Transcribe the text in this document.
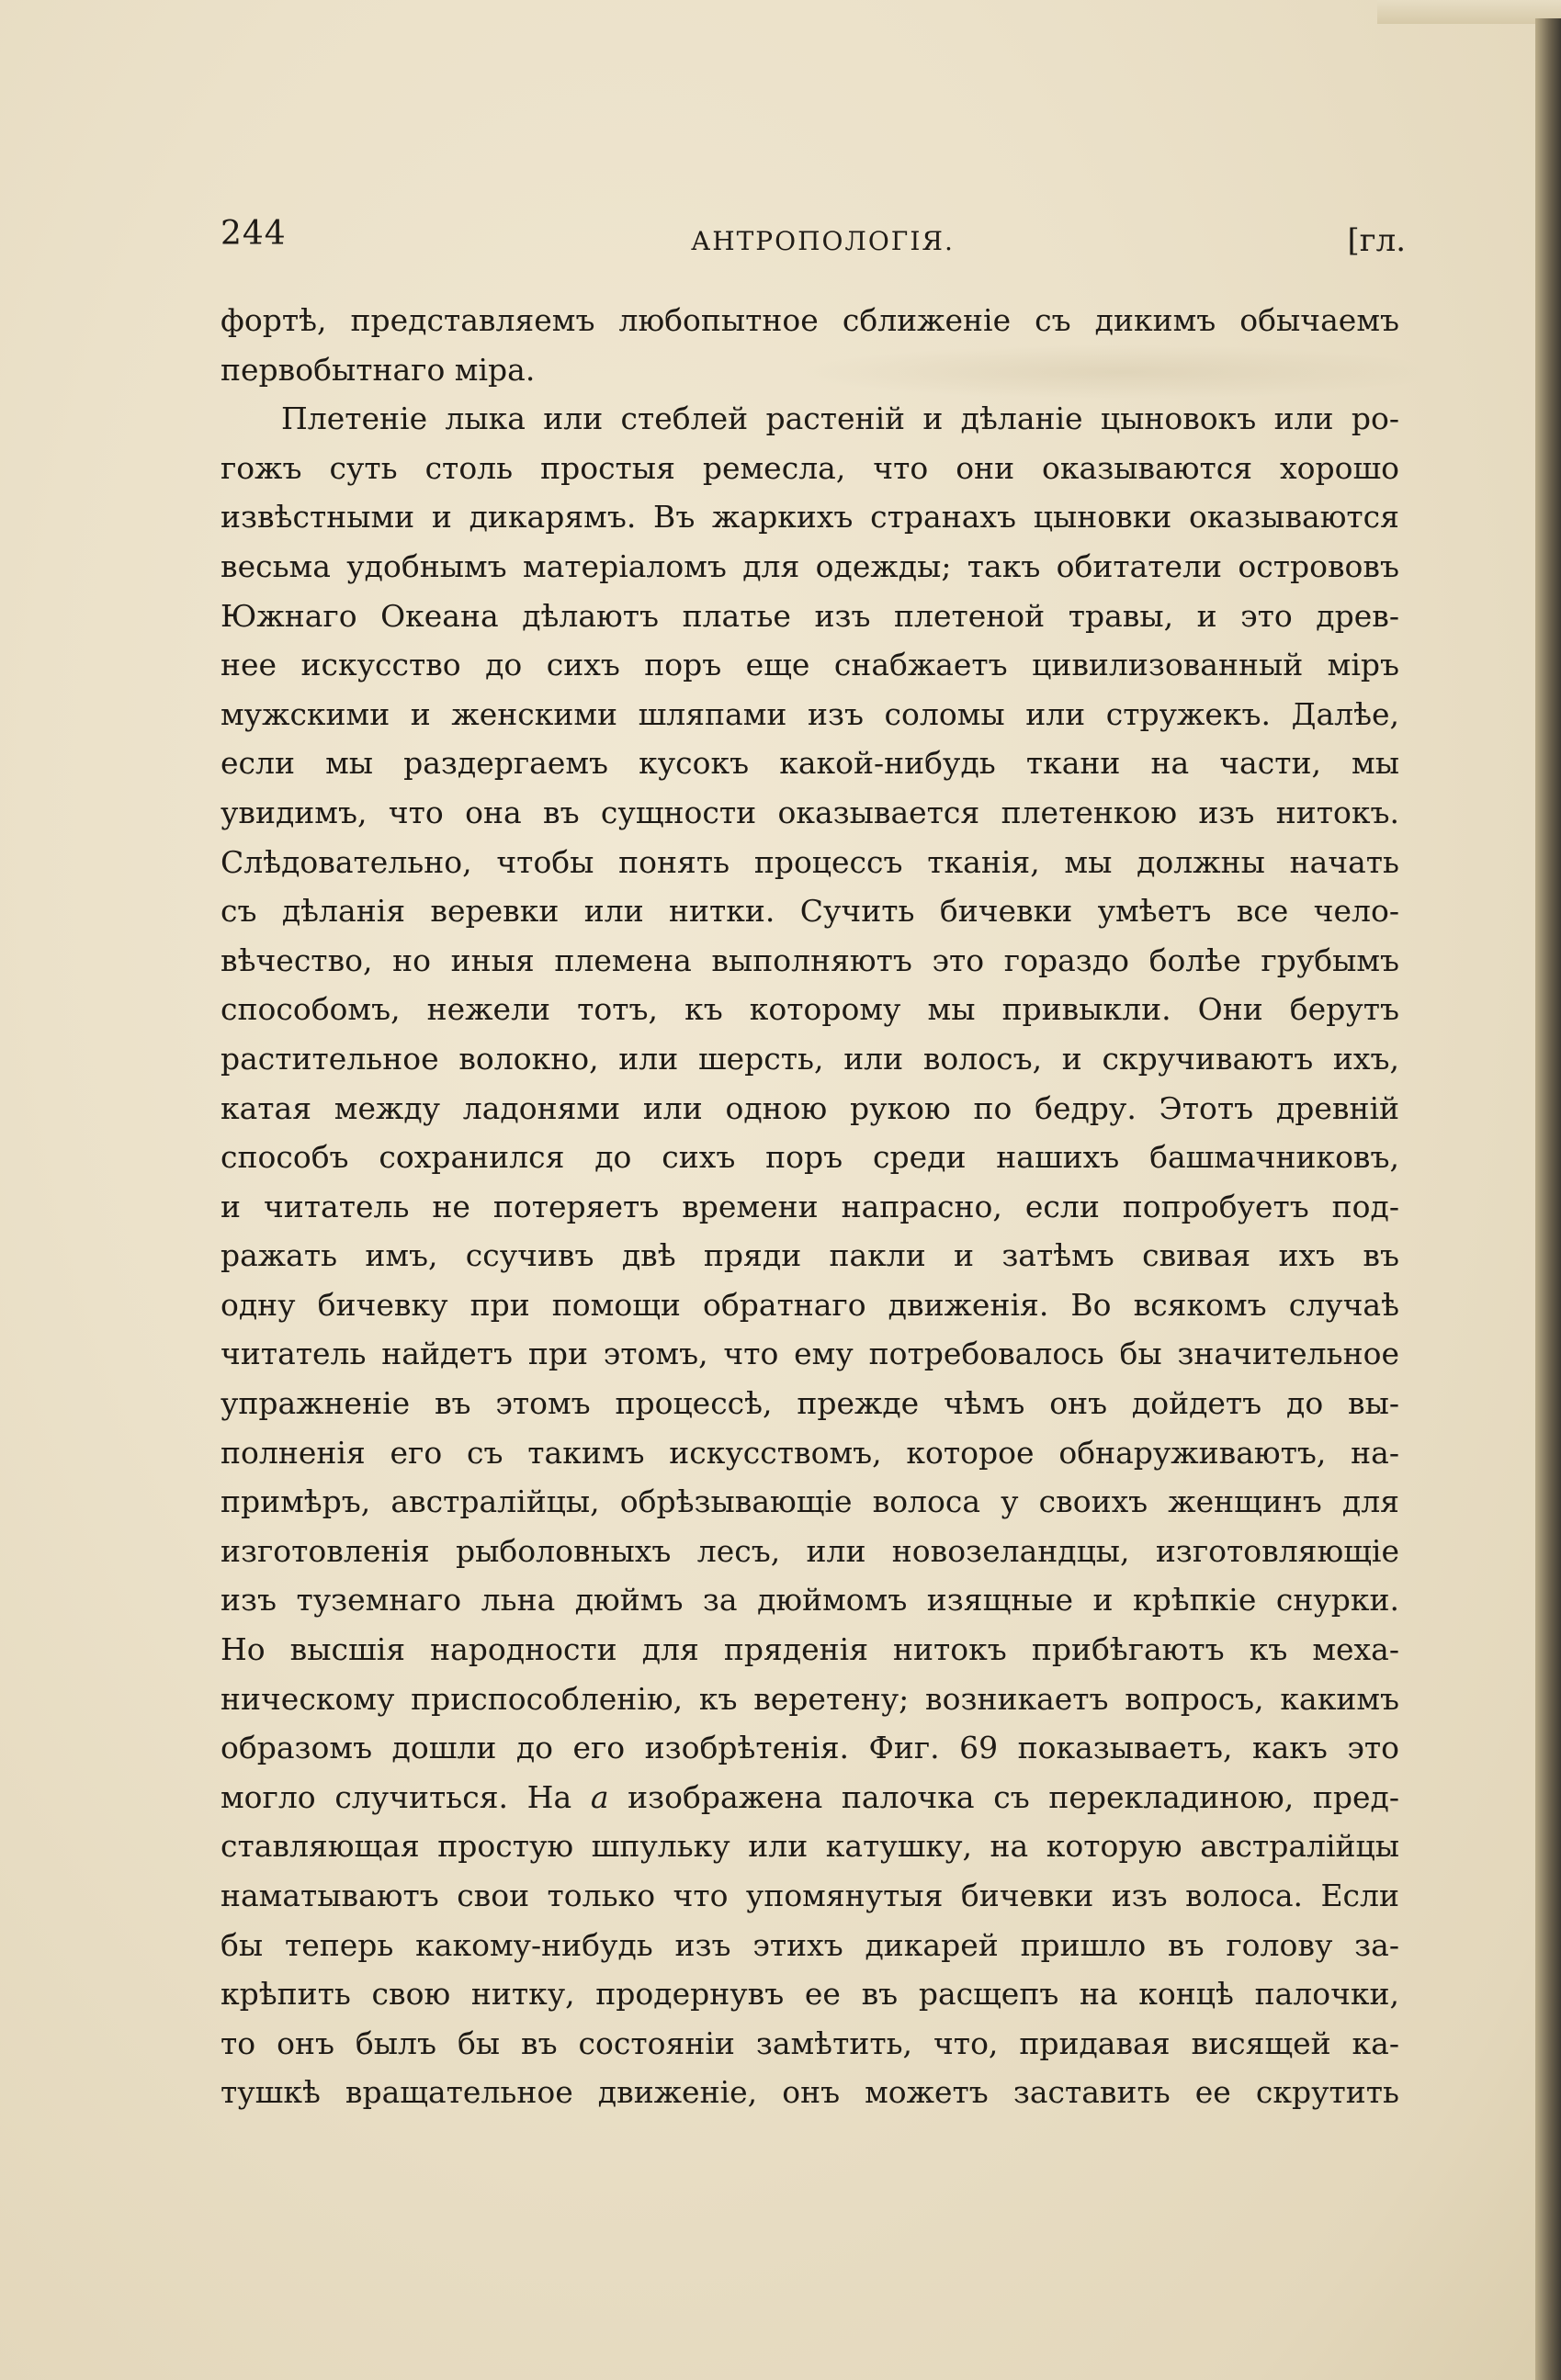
244	АНТРОПОЛОГІЯ.	[гл.
фортѣ, представляемъ любопытное сближеніе съ дикимъ обычаемъ
первобытнаго міра.
Плетеніе лыка или стеблей растеній и дѣланіе цыновокъ или ро-
гожъ суть столь простыя ремесла, что они оказываются хорошо
извѣстными и дикарямъ. Въ жаркихъ странахъ цыновки оказываются
весьма удобнымъ матеріаломъ для одежды; такъ обитатели острововъ
Южнаго Океана дѣлаютъ платье изъ плетеной травы, и это древ-
нее искусство до сихъ поръ еще снабжаетъ цивилизованный міръ
мужскими и женскими шляпами изъ соломы или стружекъ. Далѣе,
если мы раздергаемъ кусокъ какой-нибудь ткани на части, мы
увидимъ, что она въ сущности оказывается плетенкою изъ нитокъ.
Слѣдовательно, чтобы понять процессъ тканія, мы должны начать
съ дѣланія веревки или нитки. Сучить бичевки умѣетъ все чело-
вѣчество, но иныя племена выполняютъ это гораздо болѣе грубымъ
способомъ, нежели тотъ, къ которому мы привыкли. Они берутъ
растительное волокно, или шерсть, или волосъ, и скручиваютъ ихъ,
катая между ладонями или одною рукою по бедру. Этотъ древній
способъ сохранился до сихъ поръ среди нашихъ башмачниковъ,
и читатель не потеряетъ времени напрасно, если попробуетъ под-
ражать имъ, ссучивъ двѣ пряди пакли и затѣмъ свивая ихъ въ
одну бичевку при помощи обратнаго движенія. Во всякомъ случаѣ
читатель найдетъ при этомъ, что ему потребовалось бы значительное
упражненіе въ этомъ процессѣ, прежде чѣмъ онъ дойдетъ до вы-
полненія его съ такимъ искусствомъ, которое обнаруживаютъ, на-
примѣръ, австралійцы, обрѣзывающіе волоса у своихъ женщинъ для
изготовленія рыболовныхъ лесъ, или новозеландцы, изготовляющіе
изъ туземнаго льна дюймъ за дюймомъ изящные и крѣпкіе снурки.
Но высшія народности для пряденія нитокъ прибѣгаютъ къ меха-
ническому приспособленію, къ веретену; возникаетъ вопросъ, какимъ
образомъ дошли до его изобрѣтенія. Фиг. 69 показываетъ, какъ это
могло случиться. На a изображена палочка съ перекладиною, пред-
ставляющая простую шпульку или катушку, на которую австралійцы
наматываютъ свои только что упомянутыя бичевки изъ волоса. Если
бы теперь какому-нибудь изъ этихъ дикарей пришло въ голову за-
крѣпить свою нитку, продернувъ ее въ расщепъ на концѣ палочки,
то онъ былъ бы въ состояніи замѣтить, что, придавая висящей ка-
тушкѣ вращательное движеніе, онъ можетъ заставить ее скрутить
